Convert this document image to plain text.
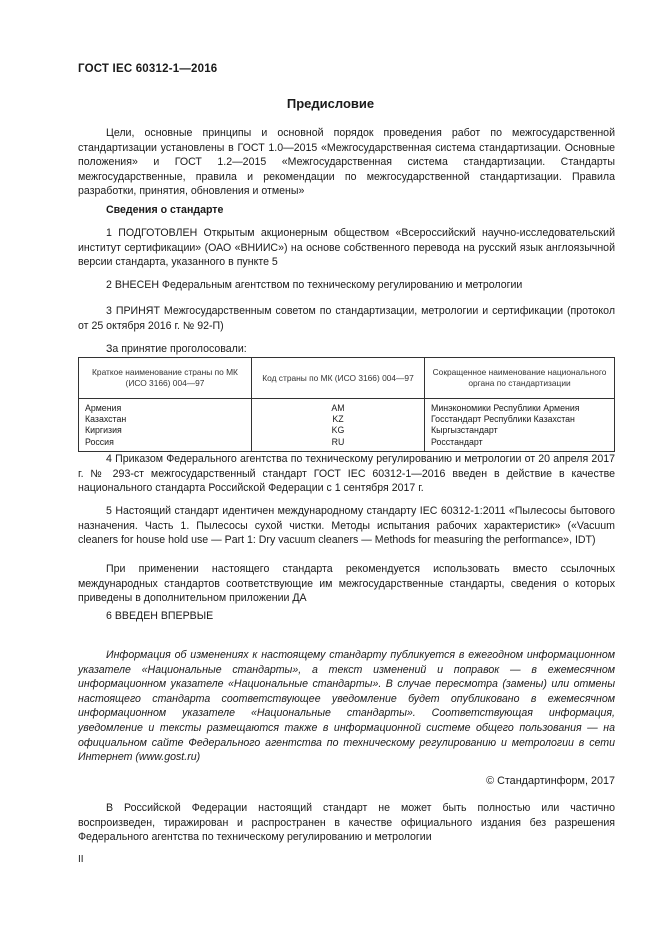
ГОСТ IEC 60312-1—2016
Предисловие

Цели, основные принципы и основной порядок проведения работ по межгосударственной стандартизации установлены в ГОСТ 1.0—2015 «Межгосударственная система стандартизации. Основные положения» и ГОСТ 1.2—2015 «Межгосударственная система стандартизации. Стандарты межгосударственные, правила и рекомендации по межгосударственной стандартизации. Правила разработки, принятия, обновления и отмены»

Сведения о стандарте

1 ПОДГОТОВЛЕН Открытым акционерным обществом «Всероссийский научно-исследовательский институт сертификации» (ОАО «ВНИИС») на основе собственного перевода на русский язык англоязычной версии стандарта, указанного в пункте 5

2 ВНЕСЕН Федеральным агентством по техническому регулированию и метрологии

3 ПРИНЯТ Межгосударственным советом по стандартизации, метрологии и сертификации (протокол от 25 октября 2016 г. № 92-П)

За принятие проголосовали:

Краткое наименование страны по МК (ИСО 3166) 004—97	Код страны по МК (ИСО 3166) 004—97	Сокращенное наименование национального органа по стандартизации
Армения	AM	Минэкономики Республики Армения
Казахстан	KZ	Госстандарт Республики Казахстан
Киргизия	KG	Кыргызстандарт
Россия	RU	Росстандарт

4 Приказом Федерального агентства по техническому регулированию и метрологии от 20 апреля 2017 г. № 293-ст межгосударственный стандарт ГОСТ IEC 60312-1—2016 введен в действие в качестве национального стандарта Российской Федерации с 1 сентября 2017 г.

5 Настоящий стандарт идентичен международному стандарту IEC 60312-1:2011 «Пылесосы бытового назначения. Часть 1. Пылесосы сухой чистки. Методы испытания рабочих характеристик» («Vacuum cleaners for house hold use — Part 1: Dry vacuum cleaners — Methods for measuring the performance», IDT)

При применении настоящего стандарта рекомендуется использовать вместо ссылочных международных стандартов соответствующие им межгосударственные стандарты, сведения о которых приведены в дополнительном приложении ДА

6 ВВЕДЕН ВПЕРВЫЕ

Информация об изменениях к настоящему стандарту публикуется в ежегодном информационном указателе «Национальные стандарты», а текст изменений и поправок — в ежемесячном информационном указателе «Национальные стандарты». В случае пересмотра (замены) или отмены настоящего стандарта соответствующее уведомление будет опубликовано в ежемесячном информационном указателе «Национальные стандарты». Соответствующая информация, уведомление и тексты размещаются также в информационной системе общего пользования — на официальном сайте Федерального агентства по техническому регулированию и метрологии в сети Интернет (www.gost.ru)

© Стандартинформ, 2017

В Российской Федерации настоящий стандарт не может быть полностью или частично воспроизведен, тиражирован и распространен в качестве официального издания без разрешения Федерального агентства по техническому регулированию и метрологии

II
